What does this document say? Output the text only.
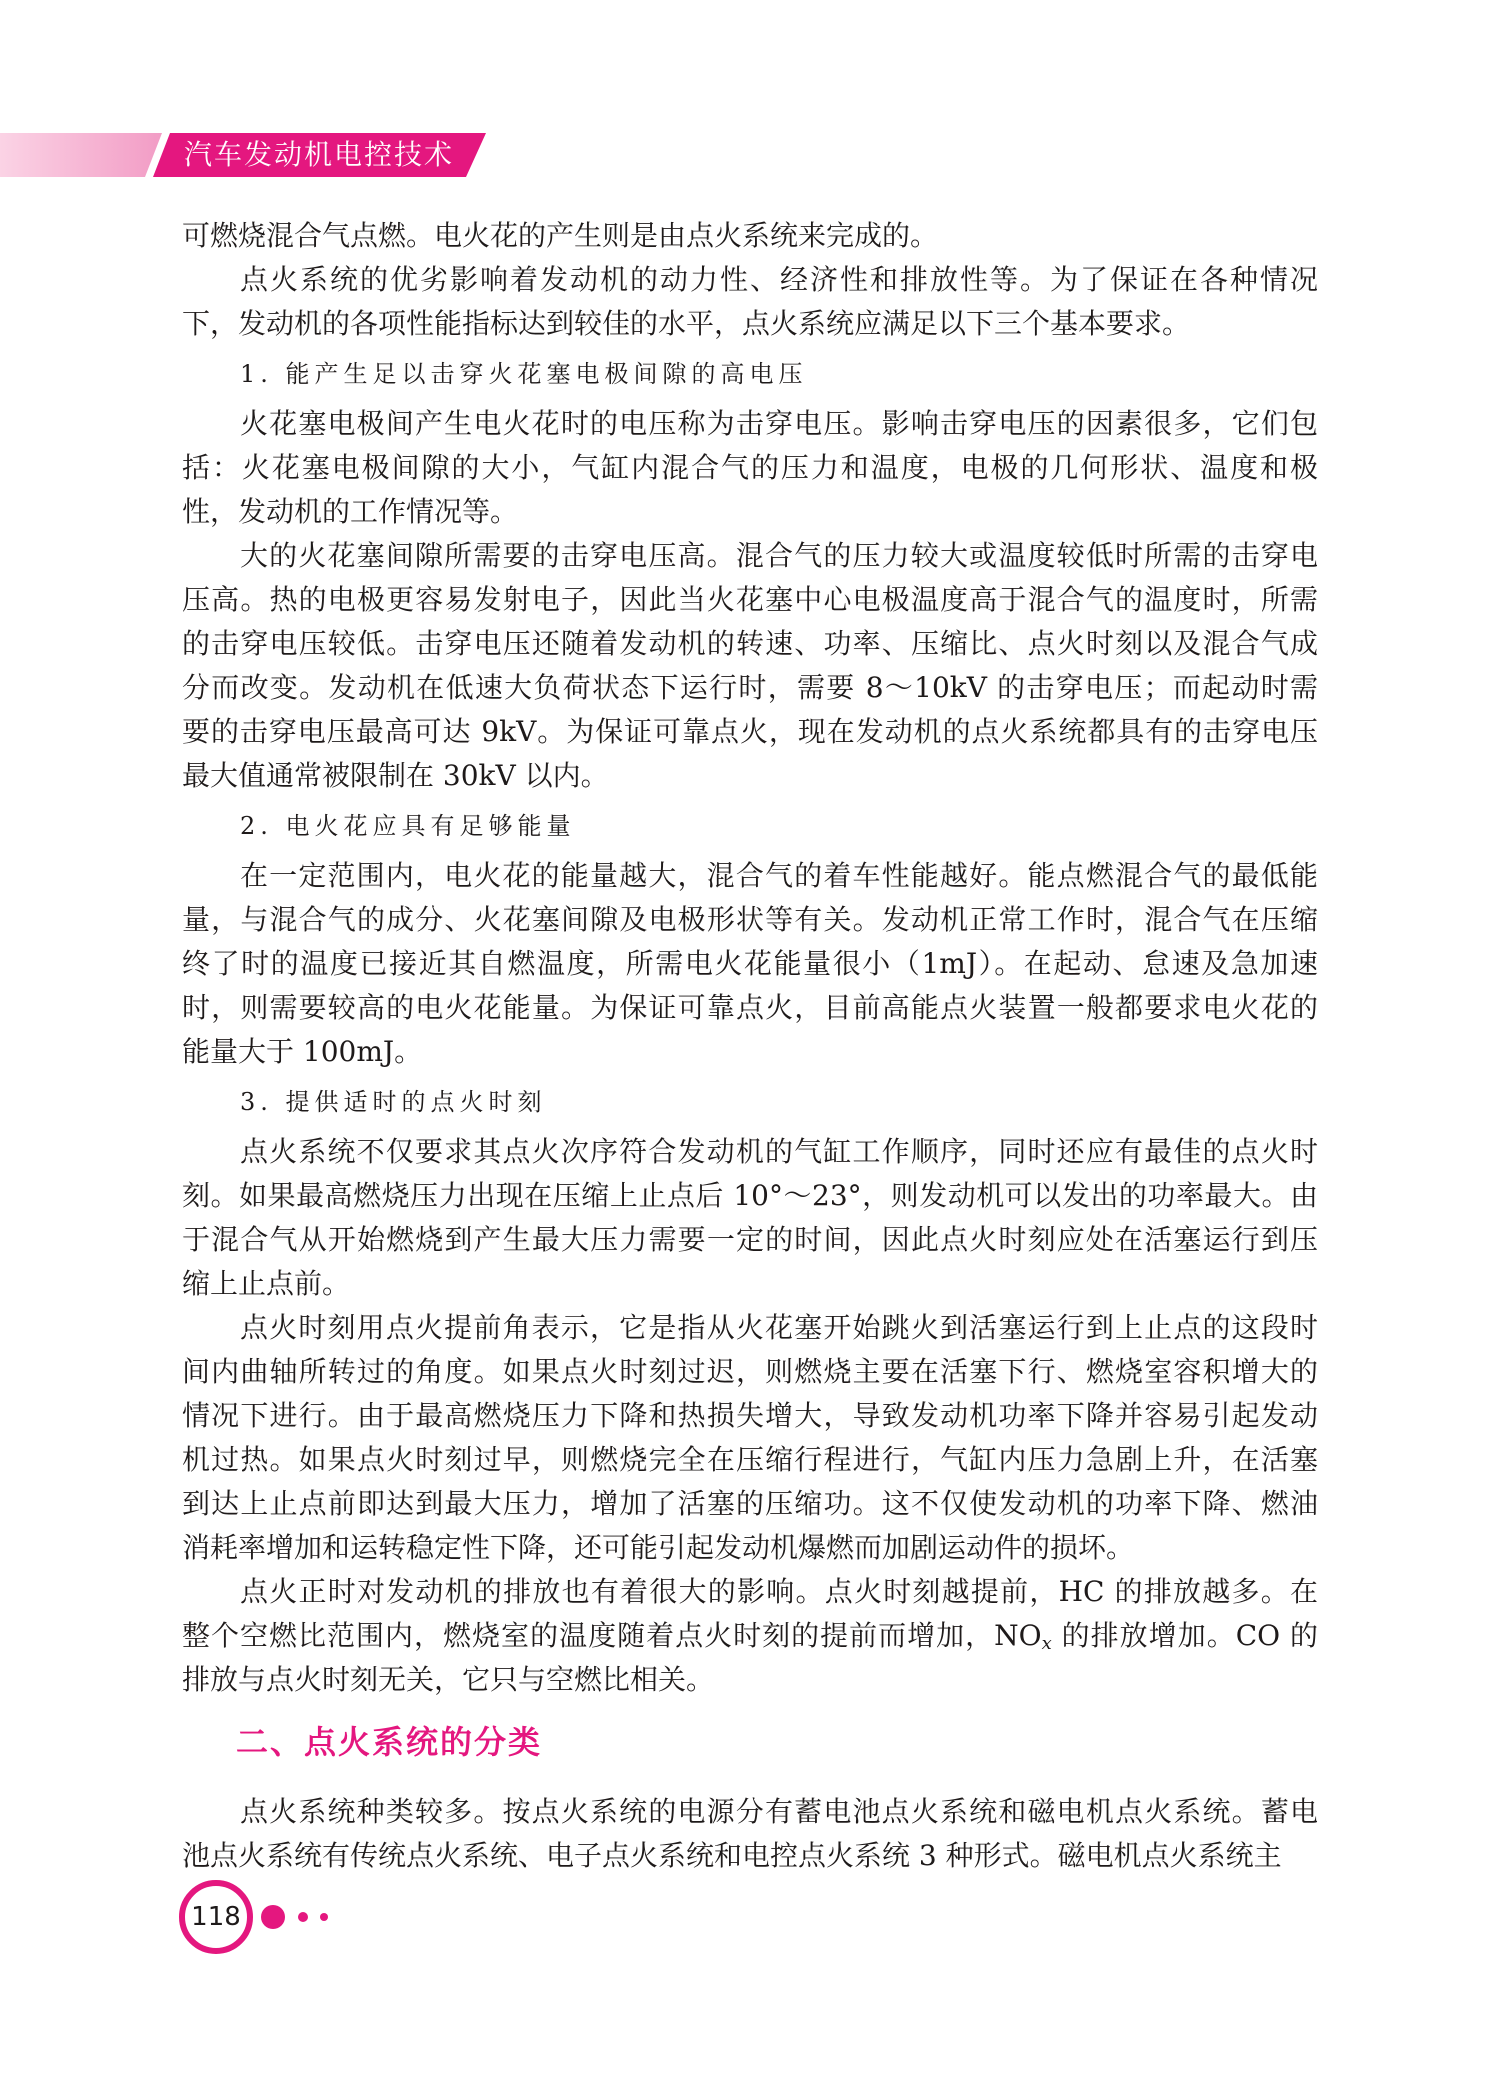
汽车发动机电控技术
可燃烧混合气点燃。电火花的产生则是由点火系统来完成的。
点火系统的优劣影响着发动机的动力性、经济性和排放性等。为了保证在各种情况
下，发动机的各项性能指标达到较佳的水平，点火系统应满足以下三个基本要求。
1. 能产生足以击穿火花塞电极间隙的高电压
火花塞电极间产生电火花时的电压称为击穿电压。影响击穿电压的因素很多，它们包
括：火花塞电极间隙的大小，气缸内混合气的压力和温度，电极的几何形状、温度和极
性，发动机的工作情况等。
大的火花塞间隙所需要的击穿电压高。混合气的压力较大或温度较低时所需的击穿电
压高。热的电极更容易发射电子，因此当火花塞中心电极温度高于混合气的温度时，所需
的击穿电压较低。击穿电压还随着发动机的转速、功率、压缩比、点火时刻以及混合气成
分而改变。发动机在低速大负荷状态下运行时，需要 8～10kV 的击穿电压；而起动时需
要的击穿电压最高可达 9kV。为保证可靠点火，现在发动机的点火系统都具有的击穿电压
最大值通常被限制在 30kV 以内。
2. 电火花应具有足够能量
在一定范围内，电火花的能量越大，混合气的着车性能越好。能点燃混合气的最低能
量，与混合气的成分、火花塞间隙及电极形状等有关。发动机正常工作时，混合气在压缩
终了时的温度已接近其自燃温度，所需电火花能量很小（1mJ）。在起动、怠速及急加速
时，则需要较高的电火花能量。为保证可靠点火，目前高能点火装置一般都要求电火花的
能量大于 100mJ。
3. 提供适时的点火时刻
点火系统不仅要求其点火次序符合发动机的气缸工作顺序，同时还应有最佳的点火时
刻。如果最高燃烧压力出现在压缩上止点后 10°～23°，则发动机可以发出的功率最大。由
于混合气从开始燃烧到产生最大压力需要一定的时间，因此点火时刻应处在活塞运行到压
缩上止点前。
点火时刻用点火提前角表示，它是指从火花塞开始跳火到活塞运行到上止点的这段时
间内曲轴所转过的角度。如果点火时刻过迟，则燃烧主要在活塞下行、燃烧室容积增大的
情况下进行。由于最高燃烧压力下降和热损失增大，导致发动机功率下降并容易引起发动
机过热。如果点火时刻过早，则燃烧完全在压缩行程进行，气缸内压力急剧上升，在活塞
到达上止点前即达到最大压力，增加了活塞的压缩功。这不仅使发动机的功率下降、燃油
消耗率增加和运转稳定性下降，还可能引起发动机爆燃而加剧运动件的损坏。
点火正时对发动机的排放也有着很大的影响。点火时刻越提前，HC 的排放越多。在
整个空燃比范围内，燃烧室的温度随着点火时刻的提前而增加，$NO_x$ 的排放增加。CO 的
排放与点火时刻无关，它只与空燃比相关。
二、点火系统的分类
点火系统种类较多。按点火系统的电源分有蓄电池点火系统和磁电机点火系统。蓄电
池点火系统有传统点火系统、电子点火系统和电控点火系统 3 种形式。磁电机点火系统主
118
